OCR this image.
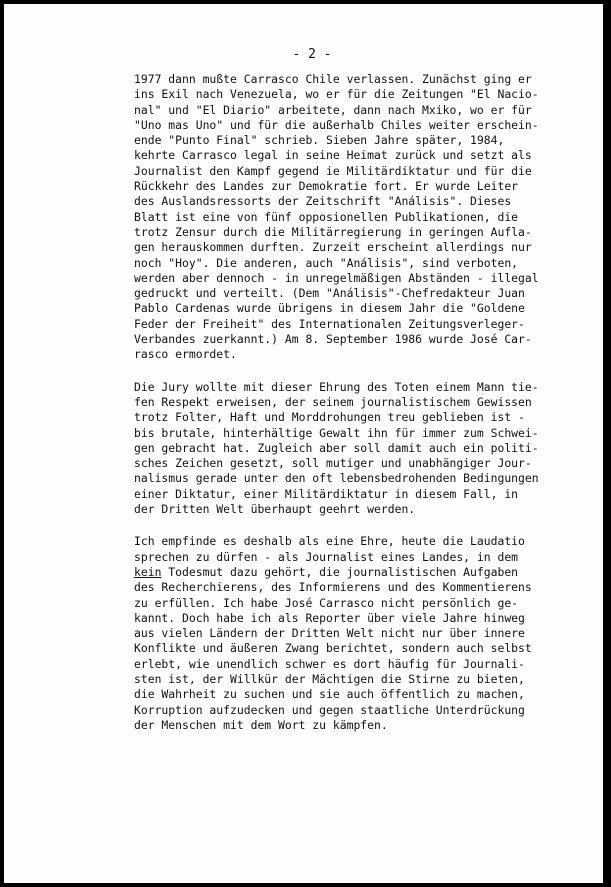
- 2 -
1977 dann mußte Carrasco Chile verlassen. Zunächst ging er
ins Exil nach Venezuela, wo er für die Zeitungen "El Nacio-
nal" und "El Diario" arbeitete, dann nach Mxiko, wo er für
"Uno mas Uno" und für die außerhalb Chiles weiter erschein-
ende "Punto Final" schrieb. Sieben Jahre später, 1984,
kehrte Carrasco legal in seine Heimat zurück und setzt als
Journalist den Kampf gegend ie Militärdiktatur und für die
Rückkehr des Landes zur Demokratie fort. Er wurde Leiter
des Auslandsressorts der Zeitschrift "Análisis". Dieses
Blatt ist eine von fünf opposionellen Publikationen, die
trotz Zensur durch die Militärregierung in geringen Aufla-
gen herauskommen durften. Zurzeit erscheint allerdings nur
noch "Hoy". Die anderen, auch "Análisis", sind verboten,
werden aber dennoch - in unregelmäßigen Abständen - illegal
gedruckt und verteilt. (Dem "Análisis"-Chefredakteur Juan
Pablo Cardenas wurde übrigens in diesem Jahr die "Goldene
Feder der Freiheit" des Internationalen Zeitungsverleger-
Verbandes zuerkannt.) Am 8. September 1986 wurde José Car-
rasco ermordet.
Die Jury wollte mit dieser Ehrung des Toten einem Mann tie-
fen Respekt erweisen, der seinem journalistischem Gewissen
trotz Folter, Haft und Morddrohungen treu geblieben ist -
bis brutale, hinterhältige Gewalt ihn für immer zum Schwei-
gen gebracht hat. Zugleich aber soll damit auch ein politi-
sches Zeichen gesetzt, soll mutiger und unabhängiger Jour-
nalismus gerade unter den oft lebensbedrohenden Bedingungen
einer Diktatur, einer Militärdiktatur in diesem Fall, in
der Dritten Welt überhaupt geehrt werden.
Ich empfinde es deshalb als eine Ehre, heute die Laudatio
sprechen zu dürfen - als Journalist eines Landes, in dem
kein Todesmut dazu gehört, die journalistischen Aufgaben
des Recherchierens, des Informierens und des Kommentierens
zu erfüllen. Ich habe José Carrasco nicht persönlich ge-
kannt. Doch habe ich als Reporter über viele Jahre hinweg
aus vielen Ländern der Dritten Welt nicht nur über innere
Konflikte und äußeren Zwang berichtet, sondern auch selbst
erlebt, wie unendlich schwer es dort häufig für Journali-
sten ist, der Willkür der Mächtigen die Stirne zu bieten,
die Wahrheit zu suchen und sie auch öffentlich zu machen,
Korruption aufzudecken und gegen staatliche Unterdrückung
der Menschen mit dem Wort zu kämpfen.
